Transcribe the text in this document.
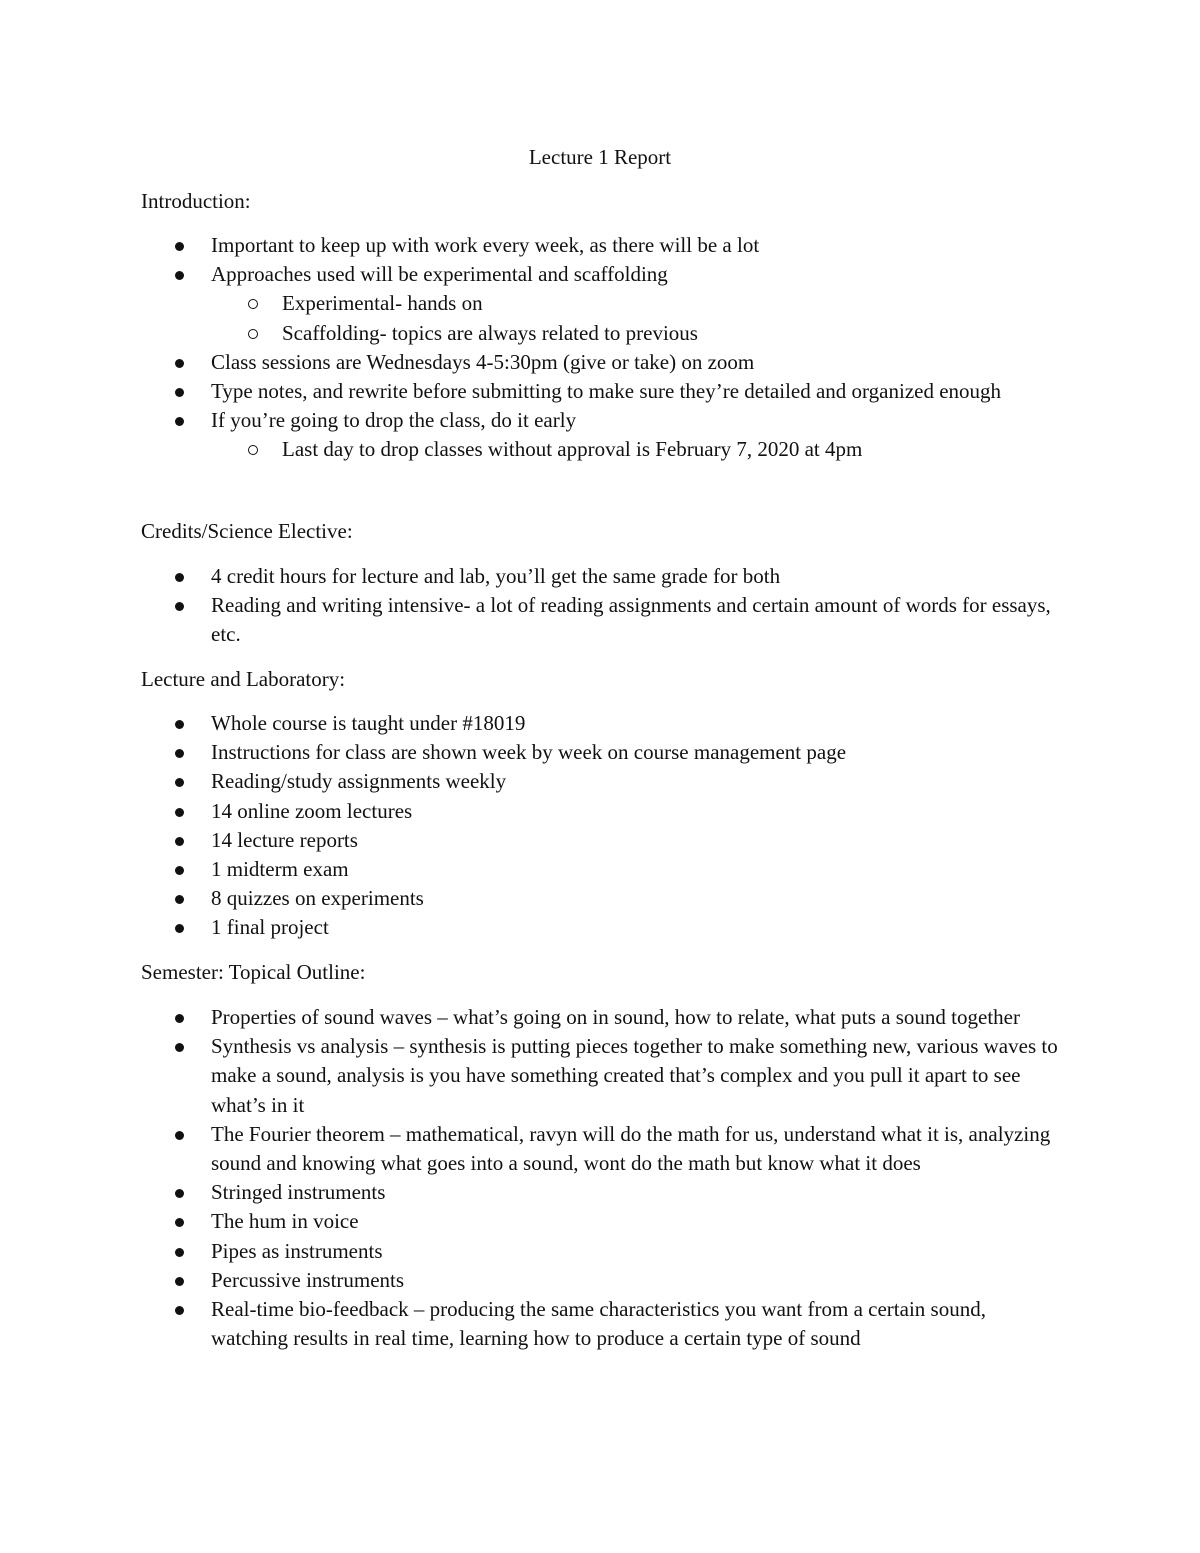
Lecture 1 Report

Introduction:

Important to keep up with work every week, as there will be a lot
Approaches used will be experimental and scaffolding
Experimental- hands on
Scaffolding- topics are always related to previous
Class sessions are Wednesdays 4-5:30pm (give or take) on zoom
Type notes, and rewrite before submitting to make sure they’re detailed and organized enough
If you’re going to drop the class, do it early
Last day to drop classes without approval is February 7, 2020 at 4pm

Credits/Science Elective:

4 credit hours for lecture and lab, you’ll get the same grade for both
Reading and writing intensive- a lot of reading assignments and certain amount of words for essays, etc.

Lecture and Laboratory:

Whole course is taught under #18019
Instructions for class are shown week by week on course management page
Reading/study assignments weekly
14 online zoom lectures
14 lecture reports
1 midterm exam
8 quizzes on experiments
1 final project

Semester: Topical Outline:

Properties of sound waves – what’s going on in sound, how to relate, what puts a sound together
Synthesis vs analysis – synthesis is putting pieces together to make something new, various waves to make a sound, analysis is you have something created that’s complex and you pull it apart to see what’s in it
The Fourier theorem – mathematical, ravyn will do the math for us, understand what it is, analyzing sound and knowing what goes into a sound, wont do the math but know what it does
Stringed instruments
The hum in voice
Pipes as instruments
Percussive instruments
Real-time bio-feedback – producing the same characteristics you want from a certain sound, watching results in real time, learning how to produce a certain type of sound
